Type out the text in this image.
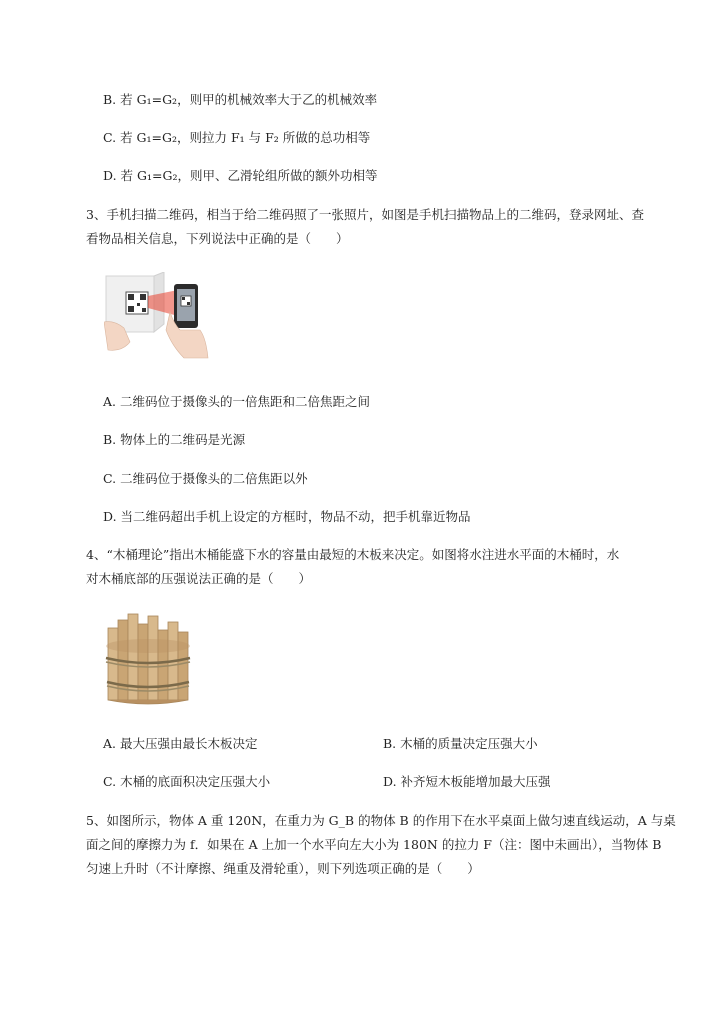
B. 若 G₁=G₂，则甲的机械效率大于乙的机械效率
C. 若 G₁=G₂，则拉力 F₁ 与 F₂ 所做的总功相等
D. 若 G₁=G₂，则甲、乙滑轮组所做的额外功相等
3、手机扫描二维码，相当于给二维码照了一张照片，如图是手机扫描物品上的二维码，登录网址、查
看物品相关信息，下列说法中正确的是（　　）
A. 二维码位于摄像头的一倍焦距和二倍焦距之间
B. 物体上的二维码是光源
C. 二维码位于摄像头的二倍焦距以外
D. 当二维码超出手机上设定的方框时，物品不动，把手机靠近物品
4、“木桶理论”指出木桶能盛下水的容量由最短的木板来决定。如图将水注进水平面的木桶时，水
对木桶底部的压强说法正确的是（　　）
A. 最大压强由最长木板决定	B. 木桶的质量决定压强大小
C. 木桶的底面积决定压强大小	D. 补齐短木板能增加最大压强
5、如图所示，物体 A 重 120N，在重力为 G_B 的物体 B 的作用下在水平桌面上做匀速直线运动，A 与桌
面之间的摩擦力为 f．如果在 A 上加一个水平向左大小为 180N 的拉力 F（注：图中未画出），当物体 B
匀速上升时（不计摩擦、绳重及滑轮重），则下列选项正确的是（　　）
